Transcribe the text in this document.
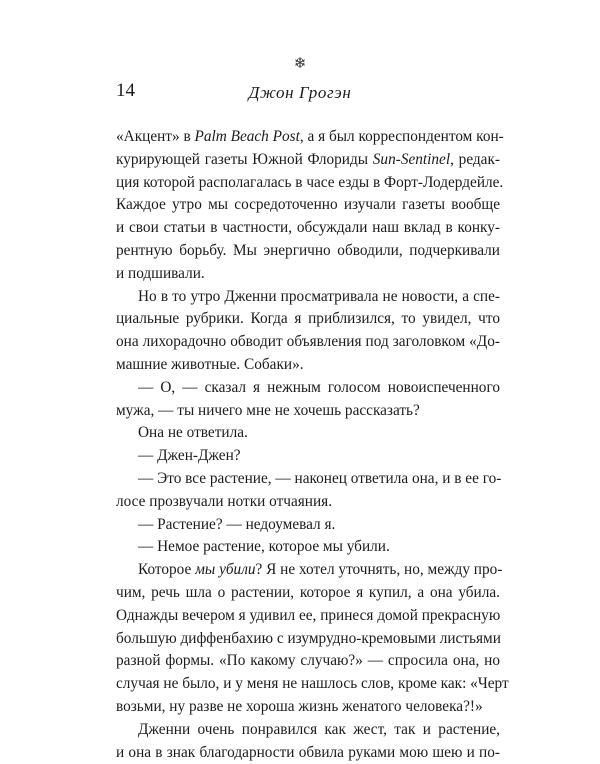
❄
14	Джон Грогэн
«Акцент» в Palm Beach Post, а я был корреспондентом кон-
курирующей газеты Южной Флориды Sun-Sentinel, редак-
ция которой располагалась в часе езды в Форт-Лодердейле.
Каждое утро мы сосредоточенно изучали газеты вообще
и свои статьи в частности, обсуждали наш вклад в конку-
рентную борьбу. Мы энергично обводили, подчеркивали
и подшивали.
Но в то утро Дженни просматривала не новости, а спе-
циальные рубрики. Когда я приблизился, то увидел, что
она лихорадочно обводит объявления под заголовком «До-
машние животные. Собаки».
— О, — сказал я нежным голосом новоиспеченного
мужа, — ты ничего мне не хочешь рассказать?
Она не ответила.
— Джен-Джен?
— Это все растение, — наконец ответила она, и в ее го-
лосе прозвучали нотки отчаяния.
— Растение? — недоумевал я.
— Немое растение, которое мы убили.
Которое мы убили? Я не хотел уточнять, но, между про-
чим, речь шла о растении, которое я купил, а она убила.
Однажды вечером я удивил ее, принеся домой прекрасную
большую диффенбахию с изумрудно-кремовыми листьями
разной формы. «По какому случаю?» — спросила она, но
случая не было, и у меня не нашлось слов, кроме как: «Черт
возьми, ну разве не хороша жизнь женатого человека?!»
Дженни очень понравился как жест, так и растение,
и она в знак благодарности обвила руками мою шею и по-
